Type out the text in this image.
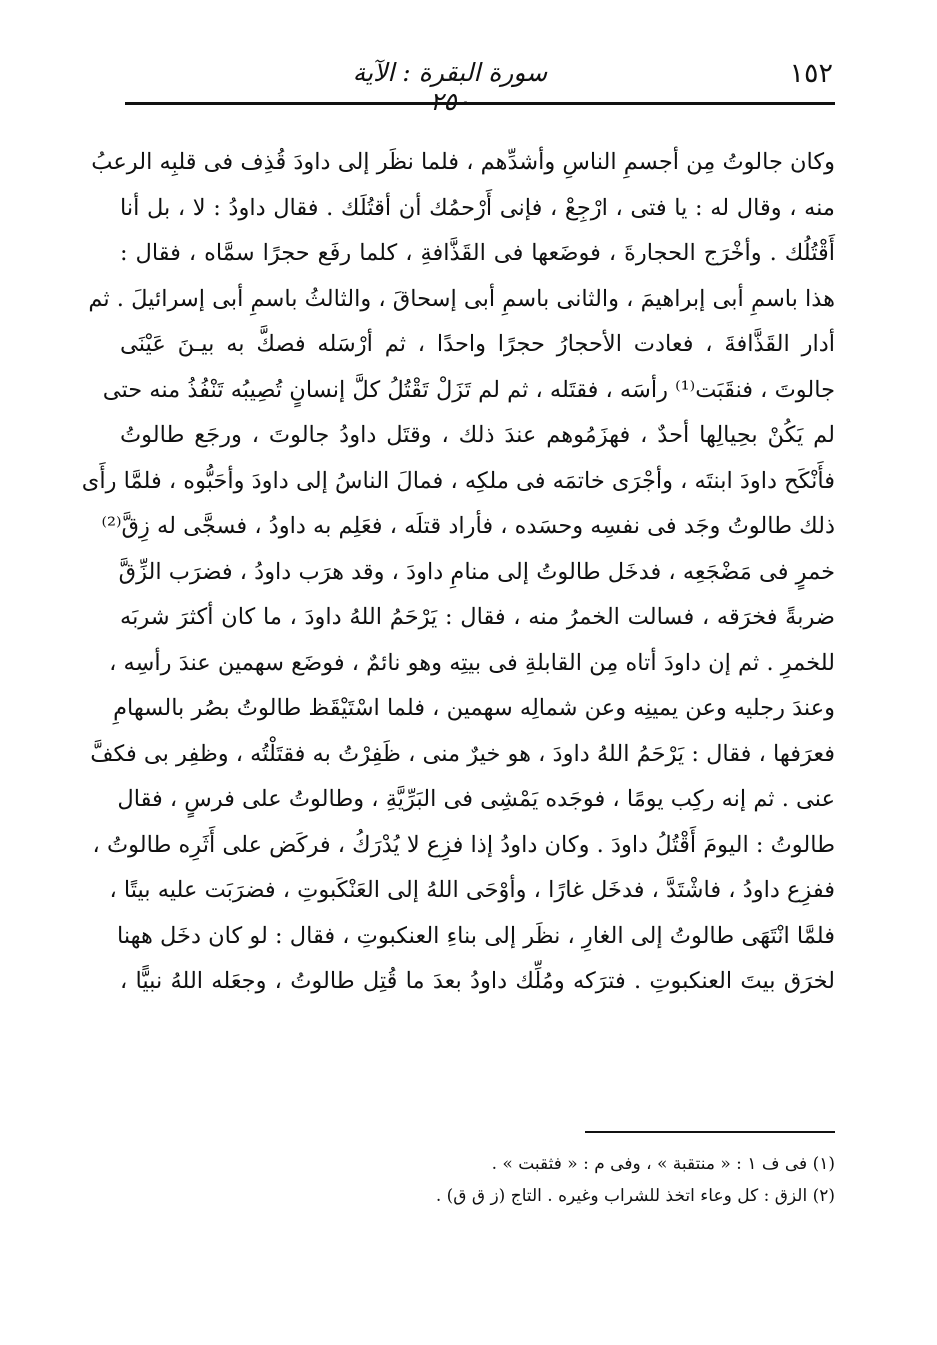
١٥٢
سورة البقرة : الآية ٢٥٠
وكان جالوتُ مِن أجسمِ الناسِ وأشدِّهم ، فلما نظَر إلى داودَ قُذِف فى قلبِه الرعبُ
منه ، وقال له : يا فتى ، ارْجِعْ ، فإنى أَرْحمُك أن أقتُلَك . فقال داودُ : لا ، بل أنا
أَقْتُلُك . وأخْرَج الحجارةَ ، فوضَعها فى القَذَّافةِ ، كلما رفَع حجرًا سمَّاه ، فقال :
هذا باسمِ أبى إبراهيمَ ، والثانى باسمِ أبى إسحاقَ ، والثالثُ باسمِ أبى إسرائيلَ . ثم
أدار القَذَّافةَ ، فعادت الأحجارُ حجرًا واحدًا ، ثم أرْسَله فصكَّ به بيـنَ عَيْنَى
جالوتَ ، فنقَبَت⁽¹⁾ رأسَه ، فقتَله ، ثم لم تَزَلْ تَقْتُلُ كلَّ إنسانٍ تُصِيبُه تَنْفُذُ منه حتى
لم يَكُنْ بحِيالِها أحدٌ ، فهزَمُوهم عندَ ذلك ، وقتَل داودُ جالوتَ ، ورجَع طالوتُ
فأَنْكَح داودَ ابنتَه ، وأجْرَى خاتمَه فى ملكِه ، فمالَ الناسُ إلى داودَ وأحَبُّوه ، فلمَّا رأَى
ذلك طالوتُ وجَد فى نفسِه وحسَده ، فأراد قتلَه ، فعَلِم به داودُ ، فسجَّى له زِقَّ⁽²⁾
خمرٍ فى مَضْجَعِه ، فدخَل طالوتُ إلى منامِ داودَ ، وقد هرَب داودُ ، فضرَب الزِّقَّ
ضربةً فخرَقه ، فسالت الخمرُ منه ، فقال : يَرْحَمُ اللهُ داودَ ، ما كان أكثرَ شربَه
للخمرِ . ثم إن داودَ أتاه مِن القابلةِ فى بيتِه وهو نائمٌ ، فوضَع سهمين عندَ رأسِه ،
وعندَ رجليه وعن يمينِه وعن شمالِه سهمين ، فلما اسْتَيْقَظ طالوتُ بصُر بالسهامِ
فعرَفها ، فقال : يَرْحَمُ اللهُ داودَ ، هو خيرٌ منى ، ظَفِرْتُ به فقتَلْتُه ، وظفِر بى فكفَّ
عنى . ثم إنه ركِب يومًا ، فوجَده يَمْشِى فى البَرِّيَّةِ ، وطالوتُ على فرسٍ ، فقال
طالوتُ : اليومَ أَقْتُلُ داودَ . وكان داودُ إذا فزِع لا يُدْرَكُ ، فركَض على أَثَرِه طالوتُ ،
ففزِع داودُ ، فاشْتَدَّ ، فدخَل غارًا ، وأوْحَى اللهُ إلى العَنْكَبوتِ ، فضرَبَت عليه بيتًا ،
فلمَّا انْتَهَى طالوتُ إلى الغارِ ، نظَر إلى بناءِ العنكبوتِ ، فقال : لو كان دخَل ههنا
لخرَق بيتَ العنكبوتِ . فترَكه ومُلِّك داودُ بعدَ ما قُتِل طالوتُ ، وجعَله اللهُ نبيًّا ،
(١) فى ف ١ : « منتقبة » ، وفى م : « فثقبت » .
(٢) الزق : كل وعاء اتخذ للشراب وغيره . التاج (ز ق ق) .
